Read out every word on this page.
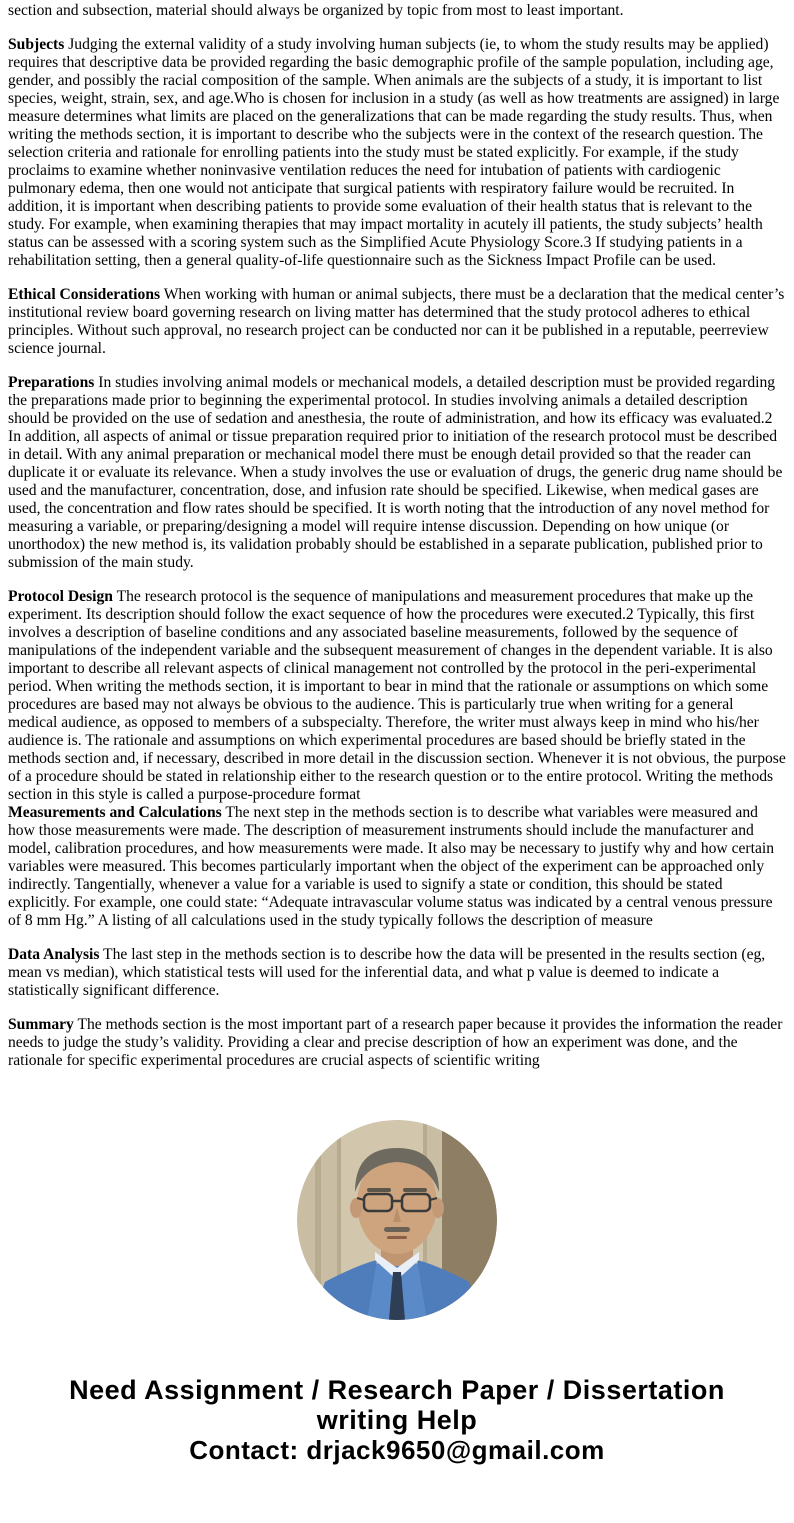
section and subsection, material should always be organized by topic from most to least important.

Subjects Judging the external validity of a study involving human subjects (ie, to whom the study results may be applied) requires that descriptive data be provided regarding the basic demographic profile of the sample population, including age, gender, and possibly the racial composition of the sample. When animals are the subjects of a study, it is important to list species, weight, strain, sex, and age.Who is chosen for inclusion in a study (as well as how treatments are assigned) in large measure determines what limits are placed on the generalizations that can be made regarding the study results. Thus, when writing the methods section, it is important to describe who the subjects were in the context of the research question. The selection criteria and rationale for enrolling patients into the study must be stated explicitly. For example, if the study proclaims to examine whether noninvasive ventilation reduces the need for intubation of patients with cardiogenic pulmonary edema, then one would not anticipate that surgical patients with respiratory failure would be recruited. In addition, it is important when describing patients to provide some evaluation of their health status that is relevant to the study. For example, when examining therapies that may impact mortality in acutely ill patients, the study subjects’ health status can be assessed with a scoring system such as the Simplified Acute Physiology Score.3 If studying patients in a rehabilitation setting, then a general quality-of-life questionnaire such as the Sickness Impact Profile can be used.

Ethical Considerations When working with human or animal subjects, there must be a declaration that the medical center’s institutional review board governing research on living matter has determined that the study protocol adheres to ethical principles. Without such approval, no research project can be conducted nor can it be published in a reputable, peerreview science journal.

Preparations In studies involving animal models or mechanical models, a detailed description must be provided regarding the preparations made prior to beginning the experimental protocol. In studies involving animals a detailed description should be provided on the use of sedation and anesthesia, the route of administration, and how its efficacy was evaluated.2 In addition, all aspects of animal or tissue preparation required prior to initiation of the research protocol must be described in detail. With any animal preparation or mechanical model there must be enough detail provided so that the reader can duplicate it or evaluate its relevance. When a study involves the use or evaluation of drugs, the generic drug name should be used and the manufacturer, concentration, dose, and infusion rate should be specified. Likewise, when medical gases are used, the concentration and flow rates should be specified. It is worth noting that the introduction of any novel method for measuring a variable, or preparing/designing a model will require intense discussion. Depending on how unique (or unorthodox) the new method is, its validation probably should be established in a separate publication, published prior to submission of the main study.

Protocol Design The research protocol is the sequence of manipulations and measurement procedures that make up the experiment. Its description should follow the exact sequence of how the procedures were executed.2 Typically, this first involves a description of baseline conditions and any associated baseline measurements, followed by the sequence of manipulations of the independent variable and the subsequent measurement of changes in the dependent variable. It is also important to describe all relevant aspects of clinical management not controlled by the protocol in the peri-experimental period. When writing the methods section, it is important to bear in mind that the rationale or assumptions on which some procedures are based may not always be obvious to the audience. This is particularly true when writing for a general medical audience, as opposed to members of a subspecialty. Therefore, the writer must always keep in mind who his/her audience is. The rationale and assumptions on which experimental procedures are based should be briefly stated in the methods section and, if necessary, described in more detail in the discussion section. Whenever it is not obvious, the purpose of a procedure should be stated in relationship either to the research question or to the entire protocol. Writing the methods section in this style is called a purpose-procedure format

Measurements and Calculations The next step in the methods section is to describe what variables were measured and how those measurements were made. The description of measurement instruments should include the manufacturer and model, calibration procedures, and how measurements were made. It also may be necessary to justify why and how certain variables were measured. This becomes particularly important when the object of the experiment can be approached only indirectly. Tangentially, whenever a value for a variable is used to signify a state or condition, this should be stated explicitly. For example, one could state: “Adequate intravascular volume status was indicated by a central venous pressure of 8 mm Hg.” A listing of all calculations used in the study typically follows the description of measure

Data Analysis The last step in the methods section is to describe how the data will be presented in the results section (eg, mean vs median), which statistical tests will used for the inferential data, and what p value is deemed to indicate a statistically significant difference.

Summary The methods section is the most important part of a research paper because it provides the information the reader needs to judge the study’s validity. Providing a clear and precise description of how an experiment was done, and the rationale for specific experimental procedures are crucial aspects of scientific writing

Need Assignment / Research Paper / Dissertation writing Help
Contact: drjack9650@gmail.com
